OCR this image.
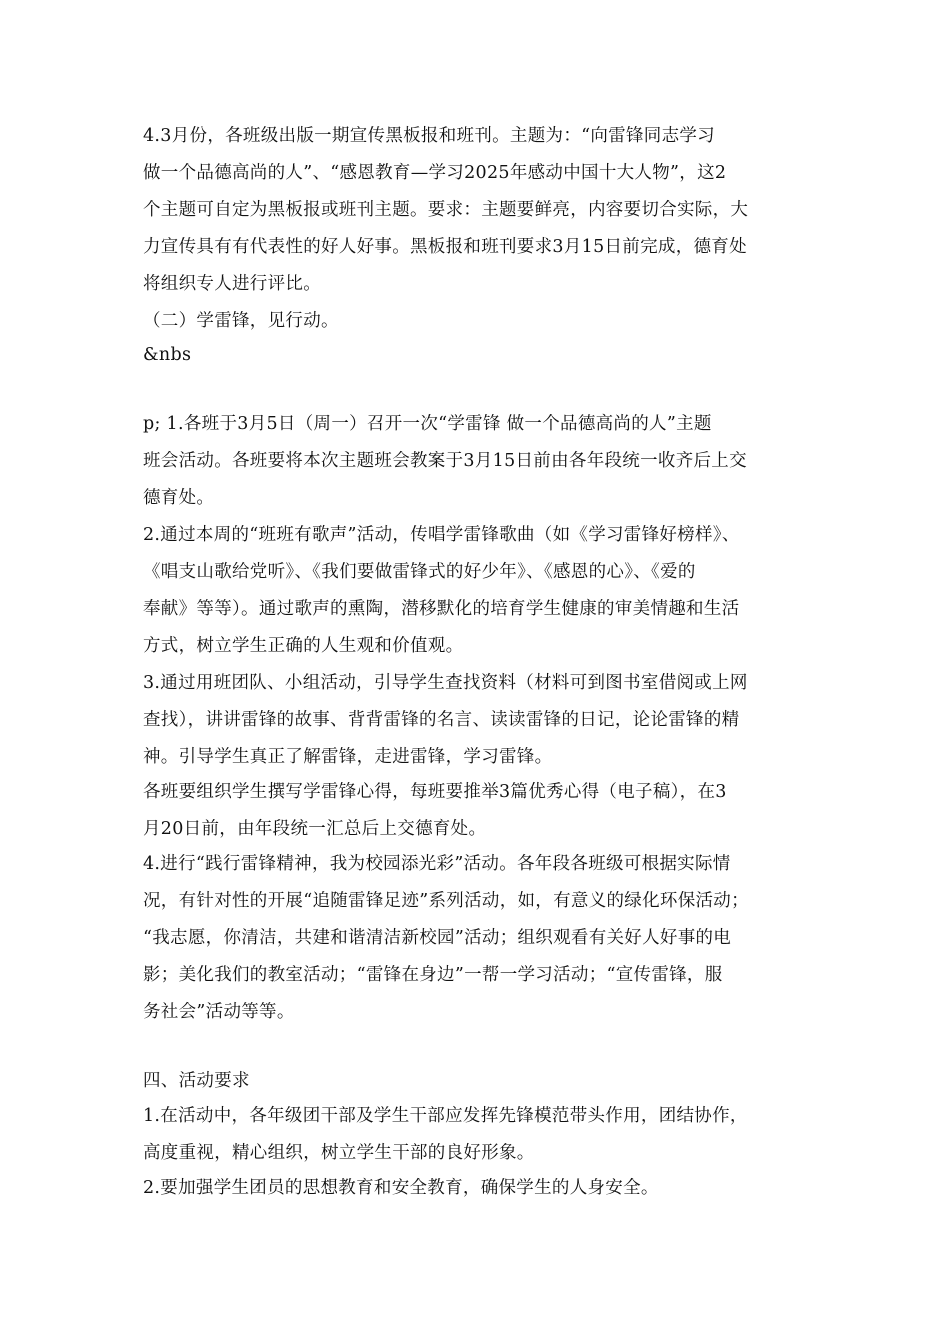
4.3月份，各班级出版一期宣传黑板报和班刊。主题为：“向雷锋同志学习
做一个品德高尚的人”、“感恩教育—学习2025年感动中国十大人物”，这2
个主题可自定为黑板报或班刊主题。要求：主题要鲜亮，内容要切合实际，大
力宣传具有有代表性的好人好事。黑板报和班刊要求3月15日前完成，德育处
将组织专人进行评比。
（二）学雷锋，见行动。
&nbs
p; 1.各班于3月5日（周一）召开一次“学雷锋 做一个品德高尚的人”主题
班会活动。各班要将本次主题班会教案于3月15日前由各年段统一收齐后上交
德育处。
2.通过本周的“班班有歌声”活动，传唱学雷锋歌曲（如《学习雷锋好榜样》、
《唱支山歌给党听》、《我们要做雷锋式的好少年》、《感恩的心》、《爱的
奉献》等等）。通过歌声的熏陶，潜移默化的培育学生健康的审美情趣和生活
方式，树立学生正确的人生观和价值观。
3.通过用班团队、小组活动，引导学生查找资料（材料可到图书室借阅或上网
查找），讲讲雷锋的故事、背背雷锋的名言、读读雷锋的日记，论论雷锋的精
神。引导学生真正了解雷锋，走进雷锋，学习雷锋。
各班要组织学生撰写学雷锋心得，每班要推举3篇优秀心得（电子稿），在3
月20日前，由年段统一汇总后上交德育处。
4.进行“践行雷锋精神，我为校园添光彩”活动。各年段各班级可根据实际情
况，有针对性的开展“追随雷锋足迹”系列活动，如，有意义的绿化环保活动；
“我志愿，你清洁，共建和谐清洁新校园”活动；组织观看有关好人好事的电
影；美化我们的教室活动；“雷锋在身边”一帮一学习活动；“宣传雷锋，服
务社会”活动等等。
四、活动要求
1.在活动中，各年级团干部及学生干部应发挥先锋模范带头作用，团结协作，
高度重视，精心组织，树立学生干部的良好形象。
2.要加强学生团员的思想教育和安全教育，确保学生的人身安全。
